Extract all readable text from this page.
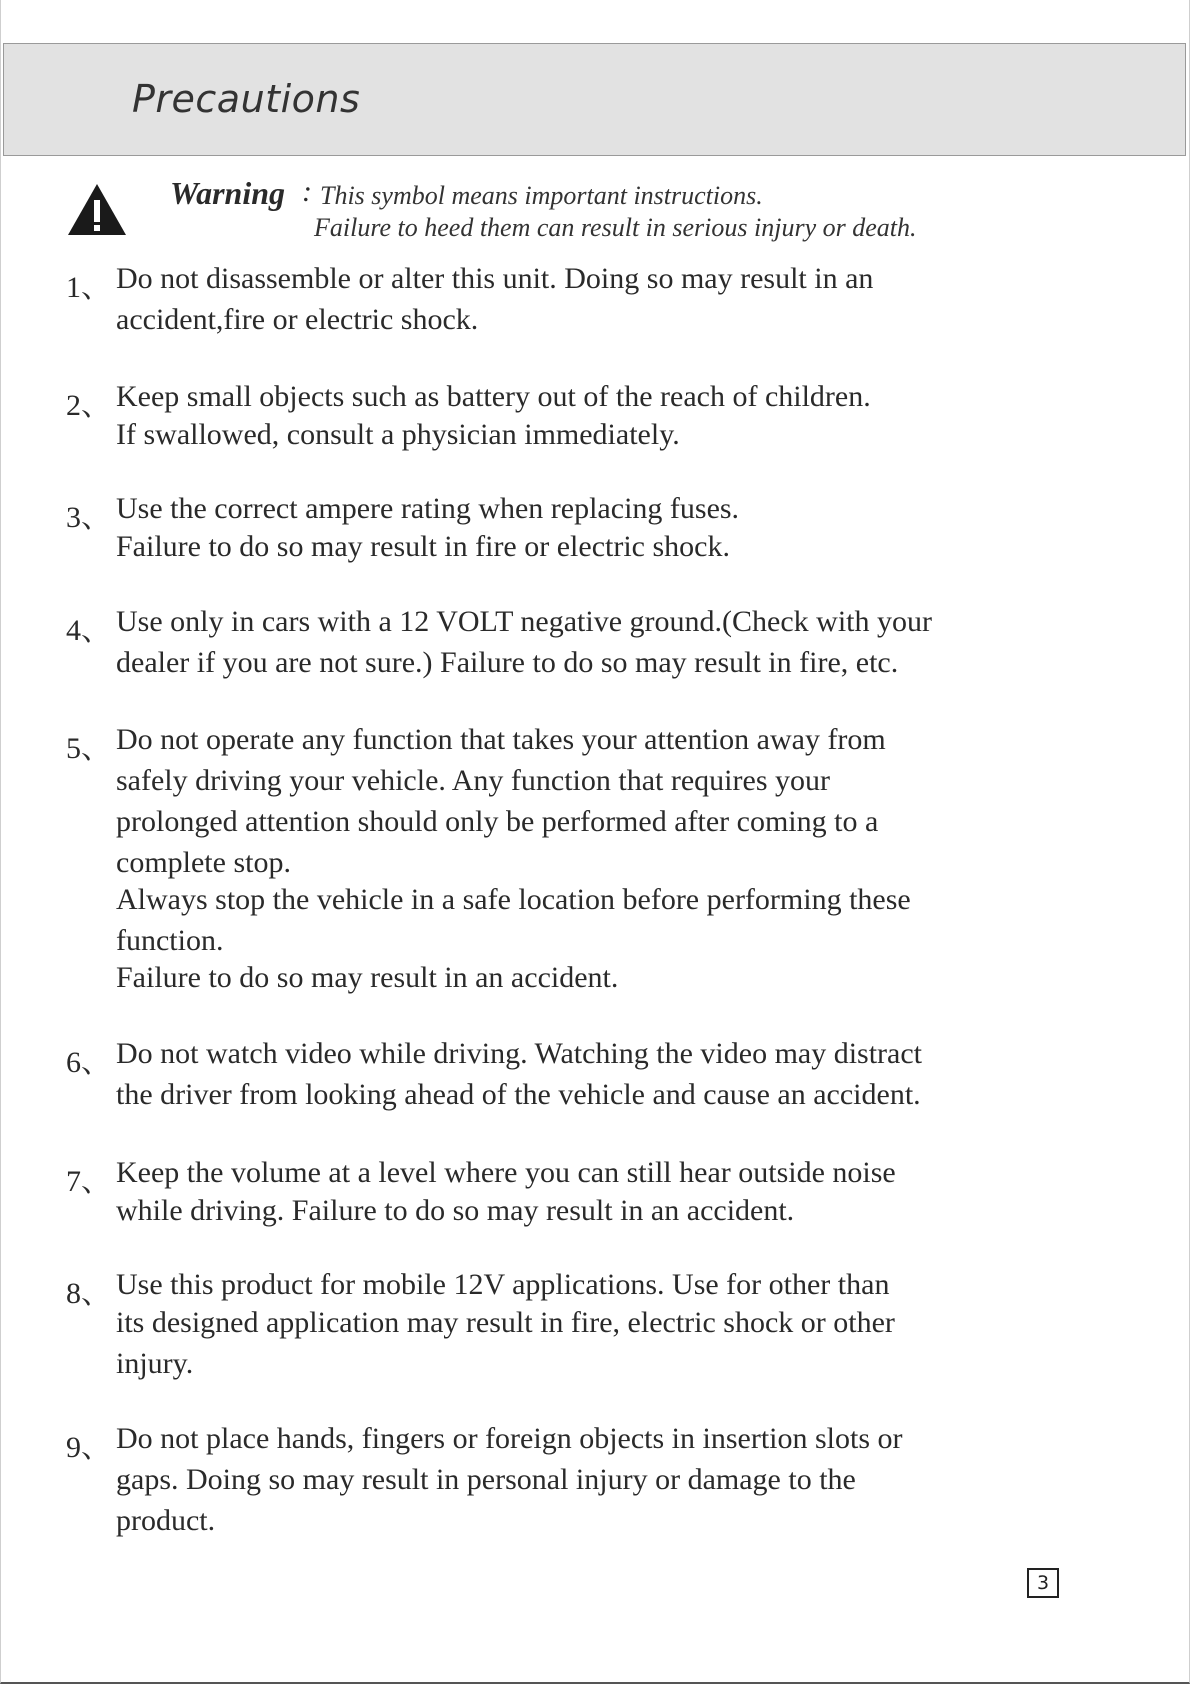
Precautions
Warning : This symbol means important instructions.
Failure to heed them can result in serious injury or death.
1、 Do not disassemble or alter this unit. Doing so may result in an
accident,fire or electric shock.
2、 Keep small objects such as battery out of the reach of children.
If swallowed, consult a physician immediately.
3、 Use the correct ampere rating when replacing fuses.
Failure to do so may result in fire or electric shock.
4、 Use only in cars with a 12 VOLT negative ground.(Check with your
dealer if you are not sure.) Failure to do so may result in fire, etc.
5、 Do not operate any function that takes your attention away from
safely driving your vehicle. Any function that requires your
prolonged attention should only be performed after coming to a
complete stop.
Always stop the vehicle in a safe location before performing these
function.
Failure to do so may result in an accident.
6、 Do not watch video while driving. Watching the video may distract
the driver from looking ahead of the vehicle and cause an accident.
7、 Keep the volume at a level where you can still hear outside noise
while driving. Failure to do so may result in an accident.
8、 Use this product for mobile 12V applications. Use for other than
its designed application may result in fire, electric shock or other
injury.
9、 Do not place hands, fingers or foreign objects in insertion slots or
gaps. Doing so may result in personal injury or damage to the
product.
3
